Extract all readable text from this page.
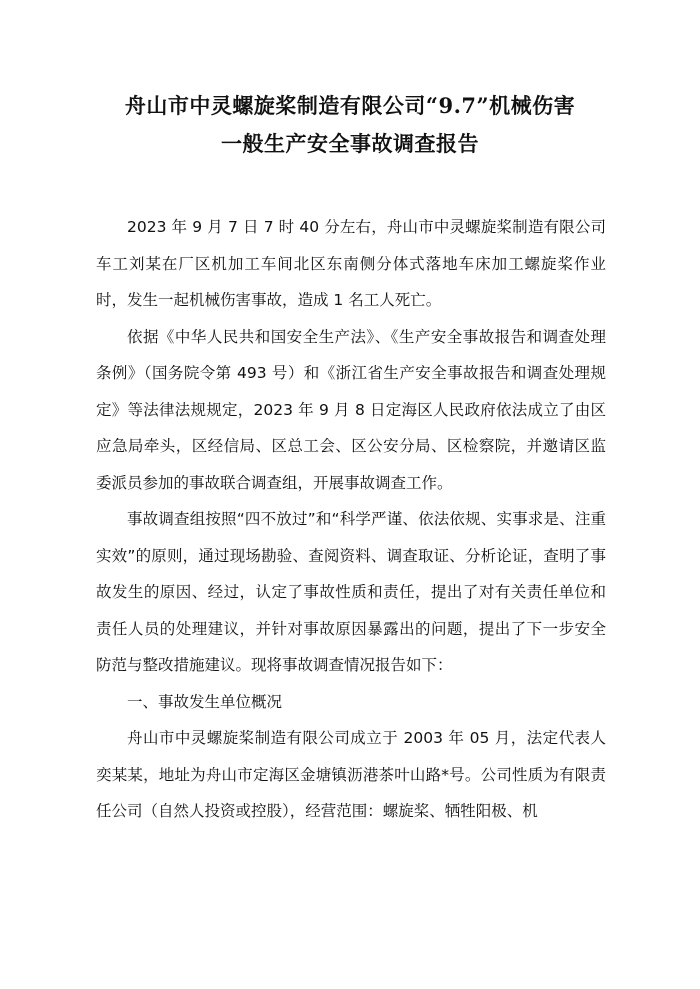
舟山市中灵螺旋桨制造有限公司“9.7”机械伤害
一般生产安全事故调查报告

2023 年 9 月 7 日 7 时 40 分左右，舟山市中灵螺旋桨制造有限公司车工刘某在厂区机加工车间北区东南侧分体式落地车床加工螺旋桨作业时，发生一起机械伤害事故，造成 1 名工人死亡。

依据《中华人民共和国安全生产法》、《生产安全事故报告和调查处理条例》（国务院令第 493 号）和《浙江省生产安全事故报告和调查处理规定》等法律法规规定，2023 年 9 月 8 日定海区人民政府依法成立了由区应急局牵头，区经信局、区总工会、区公安分局、区检察院，并邀请区监委派员参加的事故联合调查组，开展事故调查工作。

事故调查组按照“四不放过”和“科学严谨、依法依规、实事求是、注重实效”的原则，通过现场勘验、查阅资料、调查取证、分析论证，查明了事故发生的原因、经过，认定了事故性质和责任，提出了对有关责任单位和责任人员的处理建议，并针对事故原因暴露出的问题，提出了下一步安全防范与整改措施建议。现将事故调查情况报告如下：

一、事故发生单位概况

舟山市中灵螺旋桨制造有限公司成立于 2003 年 05 月，法定代表人奕某某，地址为舟山市定海区金塘镇沥港茶叶山路*号。公司性质为有限责任公司（自然人投资或控股），经营范围：螺旋桨、牺牲阳极、机
